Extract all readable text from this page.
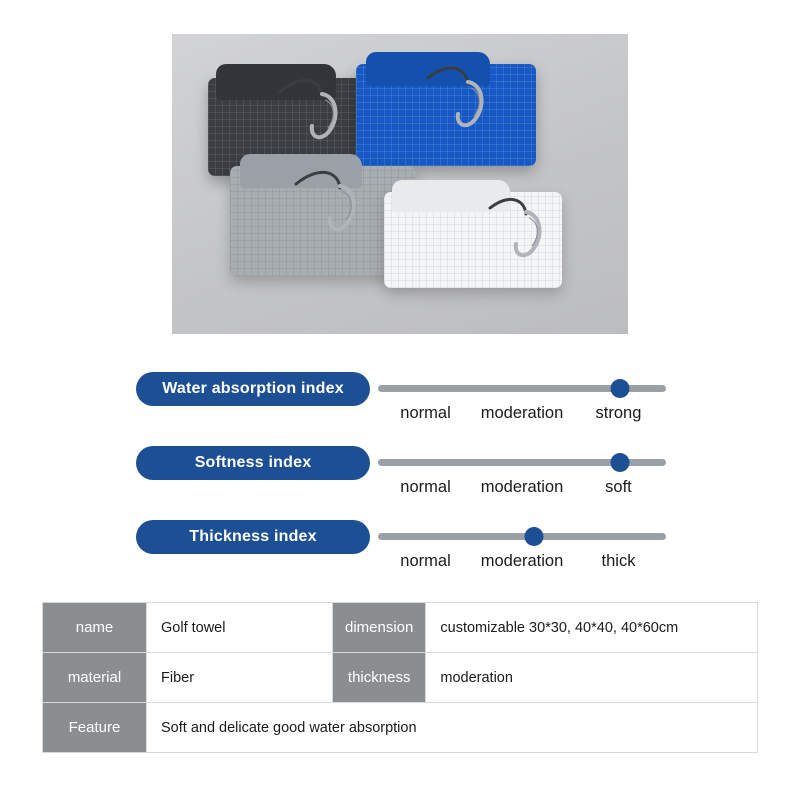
Water absorption index
normal	moderation	strong
Softness index
normal	moderation	soft
Thickness index
normal	moderation	thick
name	Golf towel	dimension	customizable 30*30, 40*40, 40*60cm
material	Fiber	thickness	moderation
Feature	Soft and delicate good water absorption		
